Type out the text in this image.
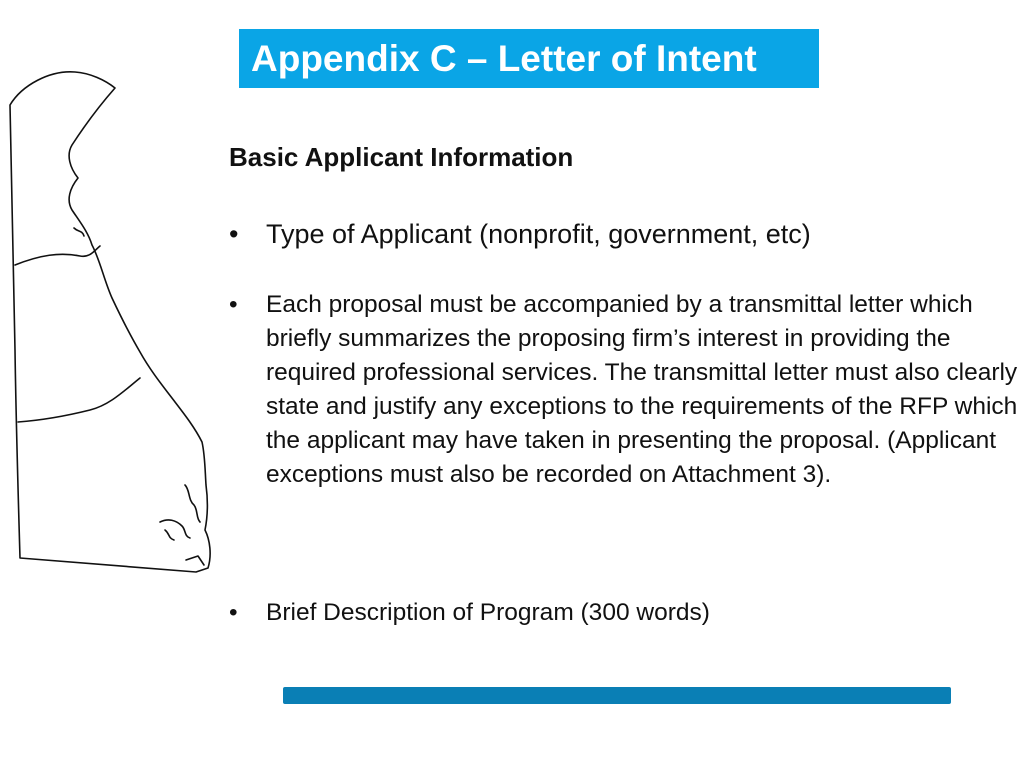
Appendix C – Letter of Intent
Basic Applicant Information
•	Type of Applicant (nonprofit, government, etc)
•	Each proposal must be accompanied by a transmittal letter which briefly summarizes the proposing firm’s interest in providing the required professional services. The transmittal letter must also clearly state and justify any exceptions to the requirements of the RFP which the applicant may have taken in presenting the proposal. (Applicant exceptions must also be recorded on Attachment 3).
•	Brief Description of Program (300 words)
